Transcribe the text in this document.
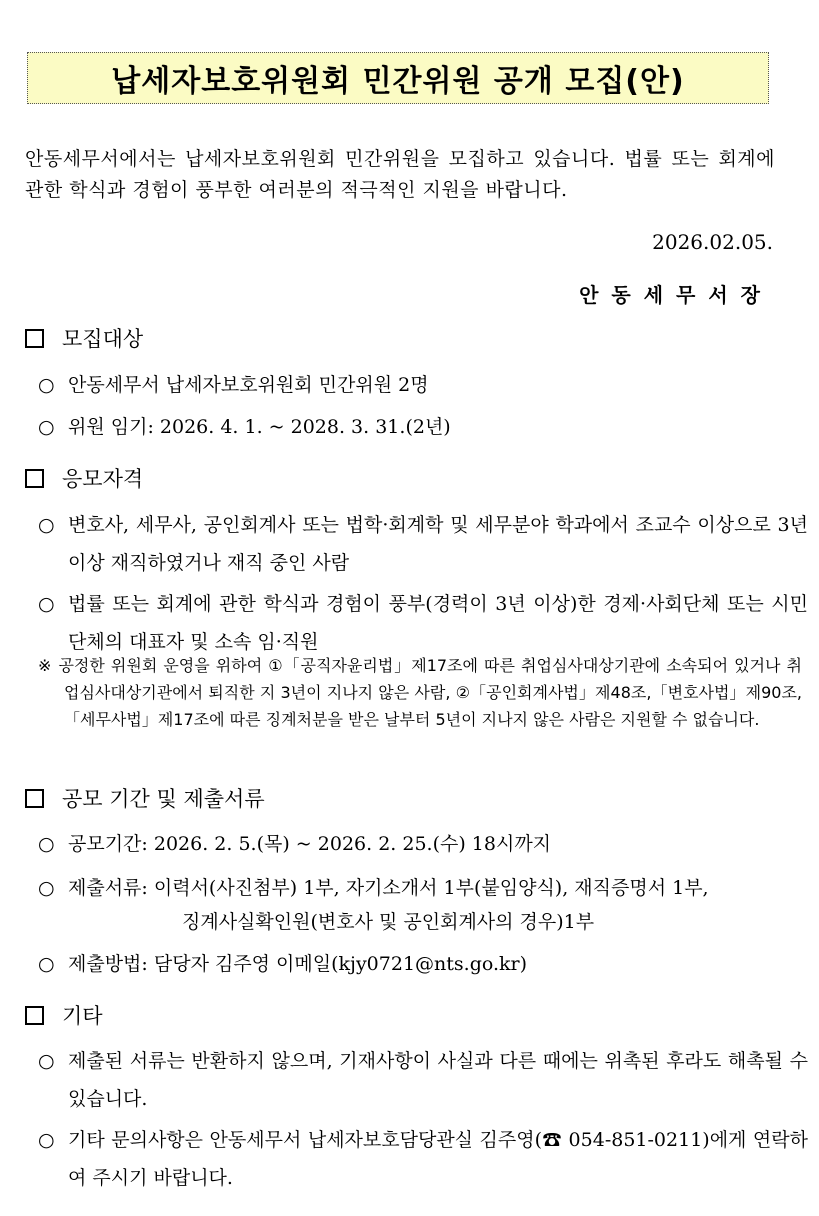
납세자보호위원회 민간위원 공개 모집(안)
안동세무서에서는 납세자보호위원회 민간위원을 모집하고 있습니다. 법률 또는 회계에 관한 학식과 경험이 풍부한 여러분의 적극적인 지원을 바랍니다.
2026.02.05.
안동세무서장
모집대상
○ 안동세무서 납세자보호위원회 민간위원 2명
○ 위원 임기: 2026. 4. 1. ~ 2028. 3. 31.(2년)
응모자격
○ 변호사, 세무사, 공인회계사 또는 법학·회계학 및 세무분야 학과에서 조교수 이상으로 3년 이상 재직하였거나 재직 중인 사람
○ 법률 또는 회계에 관한 학식과 경험이 풍부(경력이 3년 이상)한 경제·사회단체 또는 시민단체의 대표자 및 소속 임·직원
※ 공정한 위원회 운영을 위하여 ①「공직자윤리법」제17조에 따른 취업심사대상기관에 소속되어 있거나 취업심사대상기관에서 퇴직한 지 3년이 지나지 않은 사람, ②「공인회계사법」제48조,「변호사법」제90조,「세무사법」제17조에 따른 징계처분을 받은 날부터 5년이 지나지 않은 사람은 지원할 수 없습니다.
공모 기간 및 제출서류
○ 공모기간: 2026. 2. 5.(목) ~ 2026. 2. 25.(수) 18시까지
○ 제출서류: 이력서(사진첨부) 1부, 자기소개서 1부(붙임양식), 재직증명서 1부,
징계사실확인원(변호사 및 공인회계사의 경우)1부
○ 제출방법: 담당자 김주영 이메일(kjy0721@nts.go.kr)
기타
○ 제출된 서류는 반환하지 않으며, 기재사항이 사실과 다른 때에는 위촉된 후라도 해촉될 수 있습니다.
○ 기타 문의사항은 안동세무서 납세자보호담당관실 김주영(☎ 054-851-0211)에게 연락하여 주시기 바랍니다.
